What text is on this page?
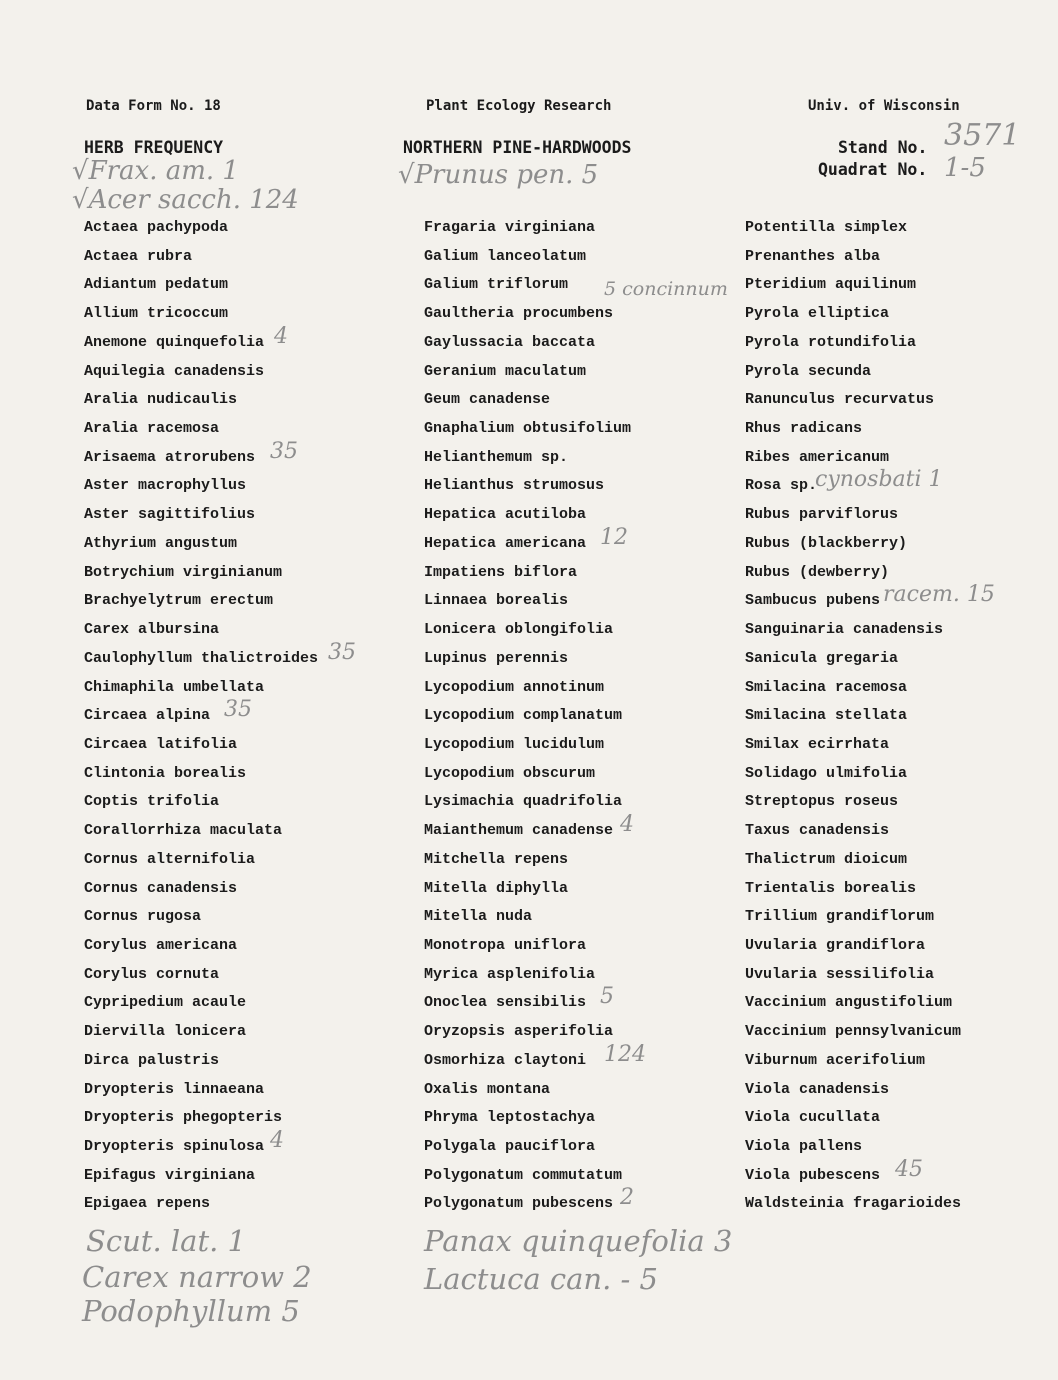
Data Form No. 18	Plant Ecology Research	Univ. of Wisconsin
HERB FREQUENCY	NORTHERN PINE-HARDWOODS	Stand No.
Quadrat No.
3571
1-5
√Frax. am. 1
√Acer sacch. 124
√Prunus pen. 5
Actaea pachypoda
Actaea rubra
Adiantum pedatum
Allium tricoccum
Anemone quinquefolia 4
Aquilegia canadensis
Aralia nudicaulis
Aralia racemosa
Arisaema atrorubens 35
Aster macrophyllus
Aster sagittifolius
Athyrium angustum
Botrychium virginianum
Brachyelytrum erectum
Carex albursina
Caulophyllum thalictroides 35
Chimaphila umbellata
Circaea alpina 35
Circaea latifolia
Clintonia borealis
Coptis trifolia
Corallorrhiza maculata
Cornus alternifolia
Cornus canadensis
Cornus rugosa
Corylus americana
Corylus cornuta
Cypripedium acaule
Diervilla lonicera
Dirca palustris
Dryopteris linnaeana
Dryopteris phegopteris
Dryopteris spinulosa 4
Epifagus virginiana
Epigaea repens
Fragaria virginiana
Galium lanceolatum
Galium triflorum 5 concinnum
Gaultheria procumbens
Gaylussacia baccata
Geranium maculatum
Geum canadense
Gnaphalium obtusifolium
Helianthemum sp.
Helianthus strumosus
Hepatica acutiloba
Hepatica americana 12
Impatiens biflora
Linnaea borealis
Lonicera oblongifolia
Lupinus perennis
Lycopodium annotinum
Lycopodium complanatum
Lycopodium lucidulum
Lycopodium obscurum
Lysimachia quadrifolia
Maianthemum canadense 4
Mitchella repens
Mitella diphylla
Mitella nuda
Monotropa uniflora
Myrica asplenifolia
Onoclea sensibilis 5
Oryzopsis asperifolia
Osmorhiza claytoni 124
Oxalis montana
Phryma leptostachya
Polygala pauciflora
Polygonatum commutatum
Polygonatum pubescens 2
Potentilla simplex
Prenanthes alba
Pteridium aquilinum
Pyrola elliptica
Pyrola rotundifolia
Pyrola secunda
Ranunculus recurvatus
Rhus radicans
Ribes americanum
Rosa sp.
cynosbati 1
Rubus parviflorus
Rubus (blackberry)
Rubus (dewberry)
Sambucus pubens racem. 15
Sanguinaria canadensis
Sanicula gregaria
Smilacina racemosa
Smilacina stellata
Smilax ecirrhata
Solidago ulmifolia
Streptopus roseus
Taxus canadensis
Thalictrum dioicum
Trientalis borealis
Trillium grandiflorum
Uvularia grandiflora
Uvularia sessilifolia
Vaccinium angustifolium
Vaccinium pennsylvanicum
Viburnum acerifolium
Viola canadensis
Viola cucullata
Viola pallens
Viola pubescens 45
Waldsteinia fragarioides
Scut. lat. 1
Carex narrow 2
Podophyllum 5
Panax quinquefolia 3
Lactuca can. - 5
